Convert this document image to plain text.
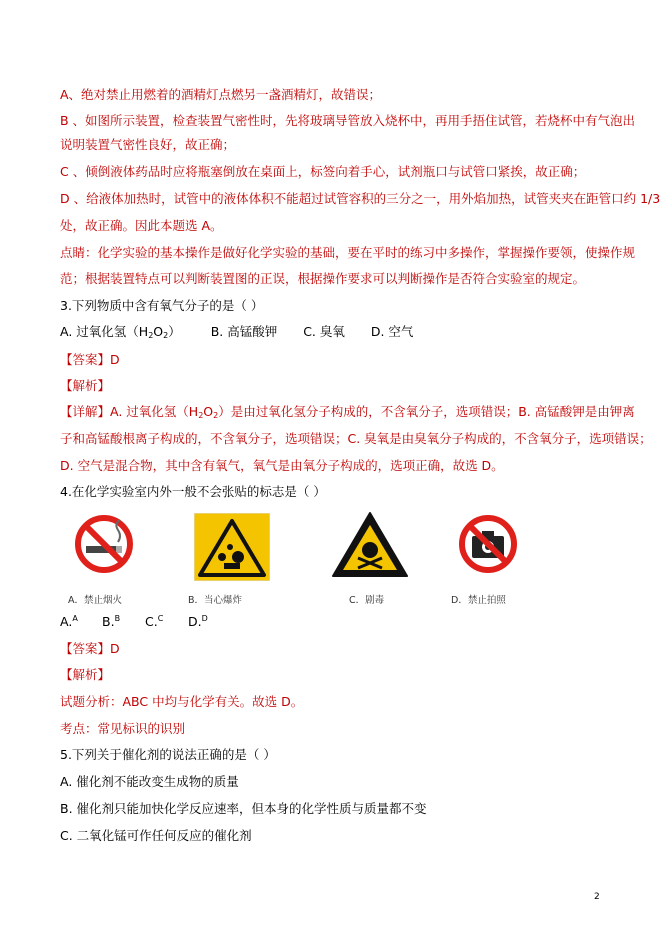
A、绝对禁止用燃着的酒精灯点燃另一盏酒精灯，故错误；
B 、如图所示装置，检查装置气密性时，先将玻璃导管放入烧杯中，再用手捂住试管，若烧杯中有气泡出
说明装置气密性良好，故正确；
C 、倾倒液体药品时应将瓶塞倒放在桌面上，标签向着手心，试剂瓶口与试管口紧挨，故正确；
D 、给液体加热时，试管中的液体体积不能超过试管容积的三分之一，用外焰加热，试管夹夹在距管口约 1/3
处，故正确。因此本题选 A。
点睛：化学实验的基本操作是做好化学实验的基础，要在平时的练习中多操作，掌握操作要领，使操作规
范；根据装置特点可以判断装置图的正误，根据操作要求可以判断操作是否符合实验室的规定。
3.下列物质中含有氧气分子的是（ ）
A. 过氧化氢$(H_2O_2)$ B. 高锰酸钾 C. 臭氧 D. 空气
【答案】D
【解析】
【详解】A. 过氧化氢$(H_2O_2)$是由过氧化氢分子构成的，不含氧分子，选项错误；B. 高锰酸钾是由钾离
子和高锰酸根离子构成的，不含氧分子，选项错误；C. 臭氧是由臭氧分子构成的，不含氧分子，选项错误；
D. 空气是混合物，其中含有氧气，氧气是由氧分子构成的，选项正确，故选 D。
4.在化学实验室内外一般不会张贴的标志是（ ）
A．禁止烟火	B．当心爆炸	C．剧毒	D．禁止拍照
A.$^A$ B.$^B$ C.$^C$ D.$^D$
【答案】D
【解析】
试题分析：ABC 中均与化学有关。故选 D。
考点：常见标识的识别
5.下列关于催化剂的说法正确的是（ ）
A. 催化剂不能改变生成物的质量
B. 催化剂只能加快化学反应速率，但本身的化学性质与质量都不变
C. 二氧化锰可作任何反应的催化剂
2
